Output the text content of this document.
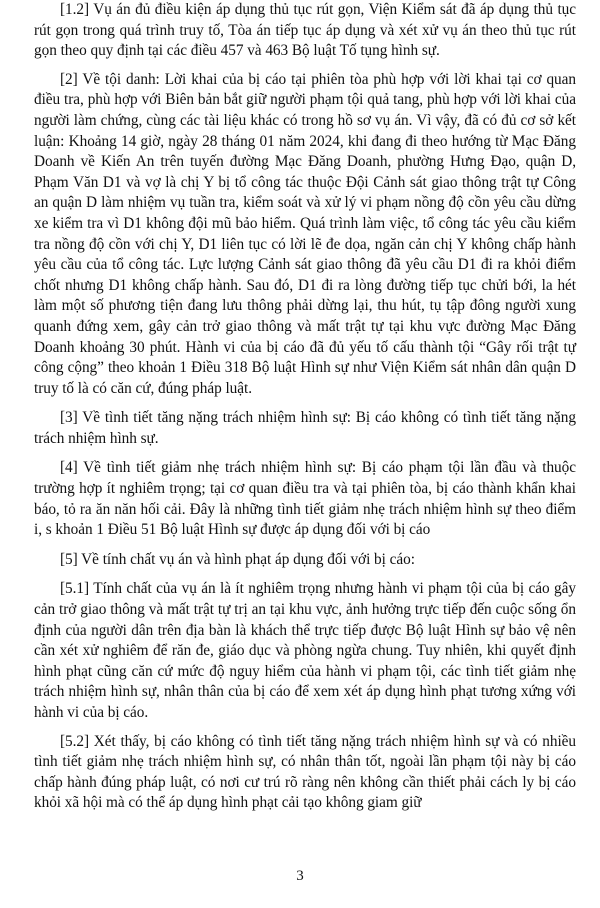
[1.2] Vụ án đủ điều kiện áp dụng thủ tục rút gọn, Viện Kiểm sát đã áp dụng thủ tục rút gọn trong quá trình truy tố, Tòa án tiếp tục áp dụng và xét xử vụ án theo thủ tục rút gọn theo quy định tại các điều 457 và 463 Bộ luật Tố tụng hình sự.

[2] Về tội danh: Lời khai của bị cáo tại phiên tòa phù hợp với lời khai tại cơ quan điều tra, phù hợp với Biên bản bắt giữ người phạm tội quả tang, phù hợp với lời khai của người làm chứng, cùng các tài liệu khác có trong hồ sơ vụ án. Vì vậy, đã có đủ cơ sở kết luận: Khoảng 14 giờ, ngày 28 tháng 01 năm 2024, khi đang đi theo hướng từ Mạc Đăng Doanh về Kiến An trên tuyến đường Mạc Đăng Doanh, phường Hưng Đạo, quận D, Phạm Văn D1 và vợ là chị Y bị tổ công tác thuộc Đội Cảnh sát giao thông trật tự Công an quận D làm nhiệm vụ tuần tra, kiểm soát và xử lý vi phạm nồng độ cồn yêu cầu dừng xe kiểm tra vì D1 không đội mũ bảo hiểm. Quá trình làm việc, tổ công tác yêu cầu kiểm tra nồng độ cồn với chị Y, D1 liên tục có lời lẽ đe dọa, ngăn cản chị Y không chấp hành yêu cầu của tổ công tác. Lực lượng Cảnh sát giao thông đã yêu cầu D1 đi ra khỏi điểm chốt nhưng D1 không chấp hành. Sau đó, D1 đi ra lòng đường tiếp tục chửi bới, la hét làm một số phương tiện đang lưu thông phải dừng lại, thu hút, tụ tập đông người xung quanh đứng xem, gây cản trở giao thông và mất trật tự tại khu vực đường Mạc Đăng Doanh khoảng 30 phút. Hành vi của bị cáo đã đủ yếu tố cấu thành tội “Gây rối trật tự công cộng” theo khoản 1 Điều 318 Bộ luật Hình sự như Viện Kiểm sát nhân dân quận D truy tố là có căn cứ, đúng pháp luật.

[3] Về tình tiết tăng nặng trách nhiệm hình sự: Bị cáo không có tình tiết tăng nặng trách nhiệm hình sự.

[4] Về tình tiết giảm nhẹ trách nhiệm hình sự: Bị cáo phạm tội lần đầu và thuộc trường hợp ít nghiêm trọng; tại cơ quan điều tra và tại phiên tòa, bị cáo thành khẩn khai báo, tỏ ra ăn năn hối cải. Đây là những tình tiết giảm nhẹ trách nhiệm hình sự theo điểm i, s khoản 1 Điều 51 Bộ luật Hình sự được áp dụng đối với bị cáo

[5] Về tính chất vụ án và hình phạt áp dụng đối với bị cáo:

[5.1] Tính chất của vụ án là ít nghiêm trọng nhưng hành vi phạm tội của bị cáo gây cản trở giao thông và mất trật tự trị an tại khu vực, ảnh hưởng trực tiếp đến cuộc sống ổn định của người dân trên địa bàn là khách thể trực tiếp được Bộ luật Hình sự bảo vệ nên cần xét xử nghiêm để răn đe, giáo dục và phòng ngừa chung. Tuy nhiên, khi quyết định hình phạt cũng căn cứ mức độ nguy hiểm của hành vi phạm tội, các tình tiết giảm nhẹ trách nhiệm hình sự, nhân thân của bị cáo để xem xét áp dụng hình phạt tương xứng với hành vi của bị cáo.

[5.2] Xét thấy, bị cáo không có tình tiết tăng nặng trách nhiệm hình sự và có nhiều tình tiết giảm nhẹ trách nhiệm hình sự, có nhân thân tốt, ngoài lần phạm tội này bị cáo chấp hành đúng pháp luật, có nơi cư trú rõ ràng nên không cần thiết phải cách ly bị cáo khỏi xã hội mà có thể áp dụng hình phạt cải tạo không giam giữ

3
